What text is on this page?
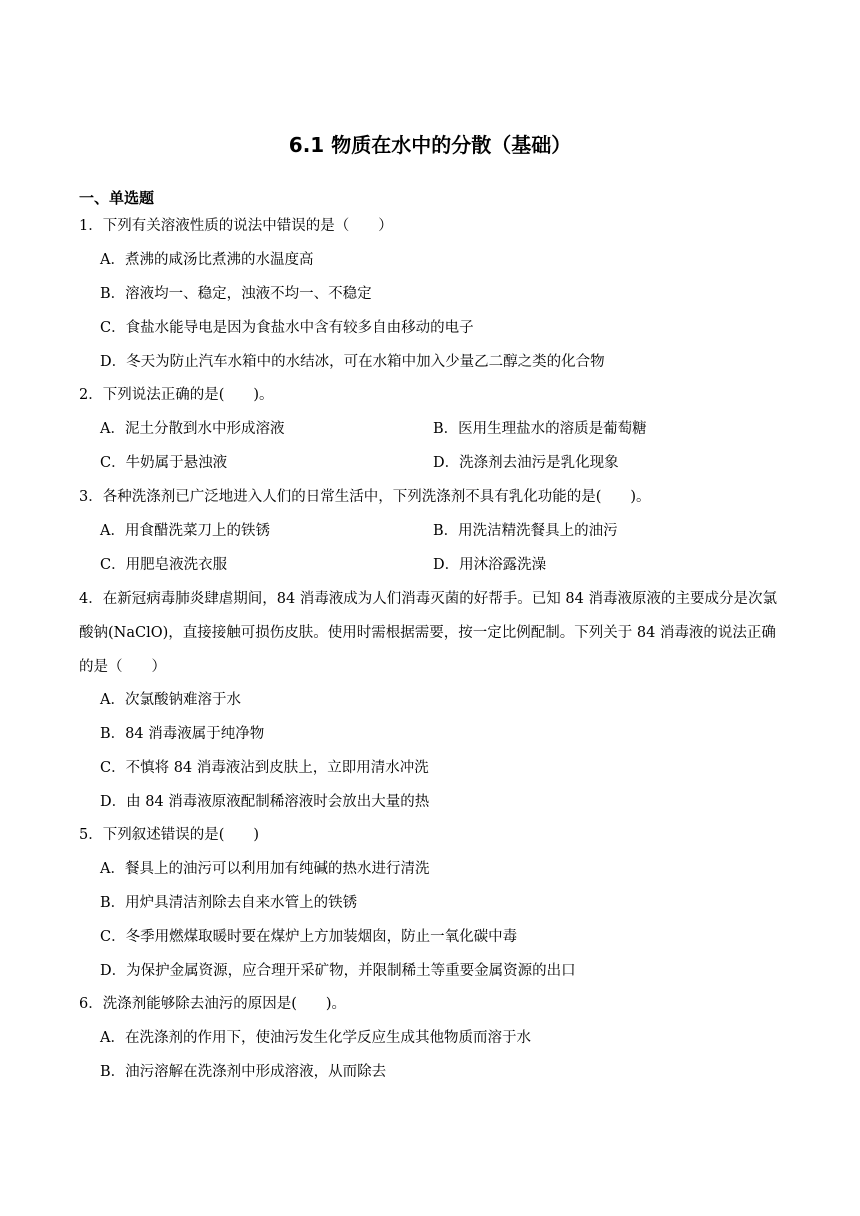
6.1 物质在水中的分散（基础）
一、单选题
1．下列有关溶液性质的说法中错误的是（　　）
A．煮沸的咸汤比煮沸的水温度高
B．溶液均一、稳定，浊液不均一、不稳定
C．食盐水能导电是因为食盐水中含有较多自由移动的电子
D．冬天为防止汽车水箱中的水结冰，可在水箱中加入少量乙二醇之类的化合物
2．下列说法正确的是(　　)。
A．泥土分散到水中形成溶液	B．医用生理盐水的溶质是葡萄糖
C．牛奶属于悬浊液	D．洗涤剂去油污是乳化现象
3．各种洗涤剂已广泛地进入人们的日常生活中，下列洗涤剂不具有乳化功能的是(　　)。
A．用食醋洗菜刀上的铁锈	B．用洗洁精洗餐具上的油污
C．用肥皂液洗衣服	D．用沐浴露洗澡
4．在新冠病毒肺炎肆虐期间，84 消毒液成为人们消毒灭菌的好帮手。已知 84 消毒液原液的主要成分是次氯酸钠(NaClO)，直接接触可损伤皮肤。使用时需根据需要，按一定比例配制。下列关于 84 消毒液的说法正确的是（　　）
A．次氯酸钠难溶于水
B．84 消毒液属于纯净物
C．不慎将 84 消毒液沾到皮肤上，立即用清水冲洗
D．由 84 消毒液原液配制稀溶液时会放出大量的热
5．下列叙述错误的是(　　)
A．餐具上的油污可以利用加有纯碱的热水进行清洗
B．用炉具清洁剂除去自来水管上的铁锈
C．冬季用燃煤取暖时要在煤炉上方加装烟囱，防止一氧化碳中毒
D．为保护金属资源，应合理开采矿物，并限制稀土等重要金属资源的出口
6．洗涤剂能够除去油污的原因是(　　)。
A．在洗涤剂的作用下，使油污发生化学反应生成其他物质而溶于水
B．油污溶解在洗涤剂中形成溶液，从而除去
